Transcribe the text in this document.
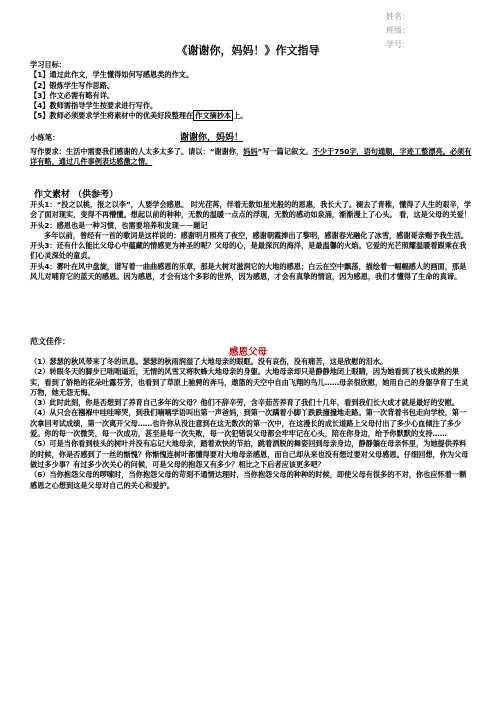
姓名：
班级：
学号：
《谢谢你，妈妈！》作文指导

学习目标：

【1】通过此作文，学生懂得如何写感恩类的作文。

【2】锻炼学生写作思路。

【3】作文必需有略有详。

【4】教师需指导学生按要求进行写作。

【5】教师必须要求学生将素材中的优美好段整理在 作文摘抄本 上。

小练笔：	谢谢你，妈妈！

写作要求：生活中需要我们感谢的人太多太多了。请以：“谢谢你，妈妈”写一篇记叙文。不少于750字，语句通顺，字迹工整漂亮。必须有详有略，通过几件事例表达感激之情。

作文素材 （供参考）

开头1：“投之以桃，报之以李”，人要学会感恩。 时光荏苒，伴着无数如星光般的的恩惠，我长大了。褪去了青稚，懂得了人生的艰辛，学会了面对现实，变得不再懵懂。想起以前的种种，无数的温暖一点点的浮现，无数的感动如泉涌，渐渐漫上了心头。 看，这是父母的关爱！

开头2：感恩也是一种习惯，也需要培养和发现－－题记

多年以前，曾经有一首的歌词是这样说的：感谢明月照亮了夜空，感谢朝霞捧出了黎明，感谢春光融化了冰雪，感谢哥亲赐予我生活。

开头3：还有什么能比父母心中蕴藏的情感更为神圣的呢？父母的心，是最深沉的海洋，是最温馨的火焰。它爱的光芒照耀温暖着跟乘在我们心灵深处的童贞。

开头4：雾叶在风中盘旋，谱写着一曲曲感恩的乐章，那是大树对滋润它的大地的感恩；白云在空中飘荡，描绘着一幅幅感人的画面，那是风儿对哺育它的蓝天的感恩。因为感恩，才会有这个多彩的世界，因为感恩，才会有真挚的情谊，因为感恩，我们才懂得了生命的真谛。

范文佳作：
感恩父母

（1）瑟瑟的秋风带来了冬的讯息。瑟瑟的秋雨润湿了大地母亲的眼眶。没有哀伤，没有痛苦，这是欣慰的泪水。

（2）转眼冬天的脚步已咄咄逼近，无情的风雪又将吹蜂大地母亲的身躯。大地母亲却只是静静地闭上眼睛，因为她看到了枝头成熟的果实，看到了娇艳的花朵吐露芬芳，也看到了草原上驰骋的奔马，遨篮的天空中自由飞翔的鸟儿……母亲很欣慰，她用自己的身躯孕育了生灵万物，她无怨无悔。

（3）此时此刻，你是否想到了养育自己多年的父母？他们不辞辛劳，含辛茹苦养育了我们十几年，看到我们长大成才就是最好的安慰。

（4）从只会在襁褓中哇哇啼哭，到我们喃喃学语叫出第一声爸妈，到第一次蹒着小脚丫跌跌撞撞地走路。第一次背着书包走向学校，第一次拿回考试成绩，第一次离开父母……也许你从没注意到在这无数次的第一次中，在这漫长的成长道路上父母付出了多少心血倾注了多少爱。你的每一次微笑，每一次成功，甚至是每一次失败，每一次犯错误父母都会牢牢记在心头，陪在你身边，给予你默默的支持……

（5）可是当你看到枝头的树叶并没有忘记大地母亲，踏着欢快的节拍，跳着洒脱的舞姿回到母亲身边，静静躺在母亲怀里，为她提供养料的时候，你是否感到了一丝的惭愧？你惭愧连树叶都懂得要对大地母亲感恩，而自己却从来也没有想过要对父母感恩。仔细回想，你为父母做过多少事？有过多少次关心的问候，可是父母的抱怨又有多少？相比之下后者应该更多吧？

（6）当你抱怨父母的啰嗦时，当你抱怨父母的苛刻不通情达理时，当你抱怨父母的种种的时候，即使父母有很多的不对，你也应怀着一颗感恩之心想到这是父母对自己的关心和爱护。
